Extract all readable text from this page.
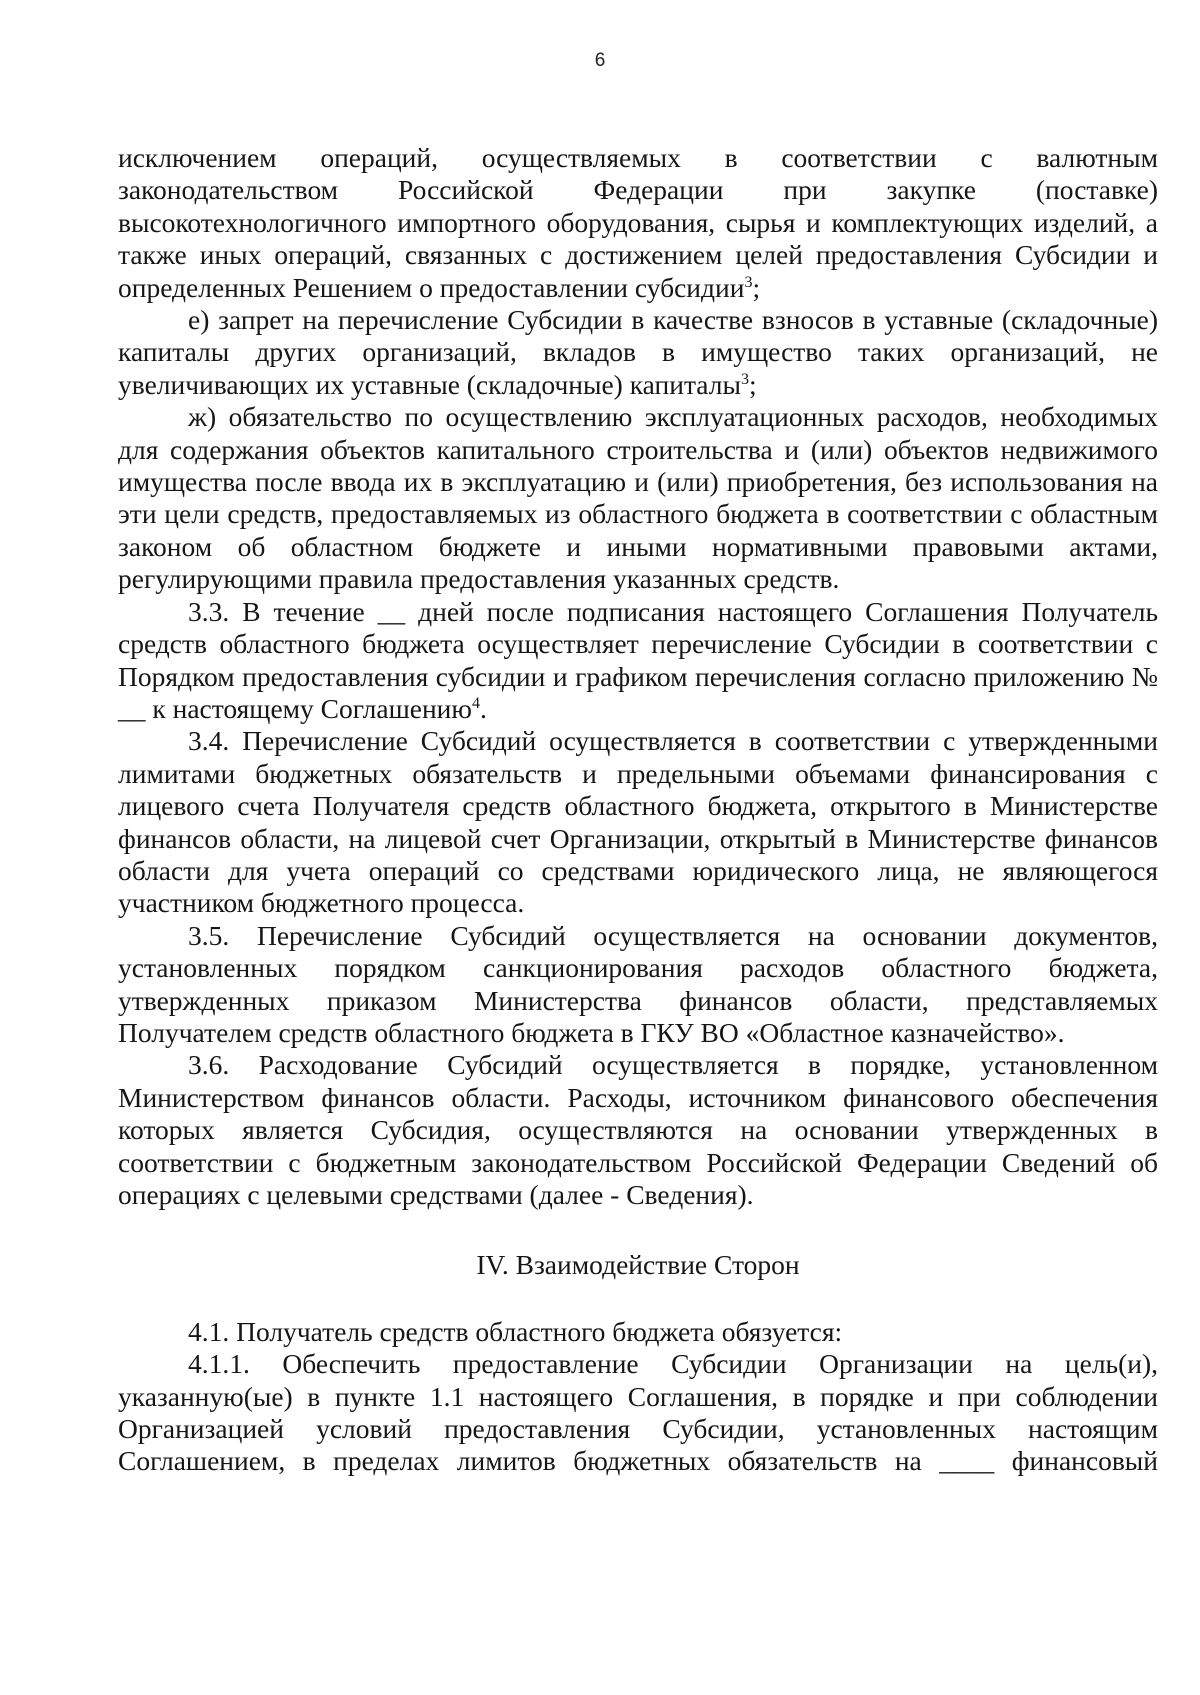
6

исключением операций, осуществляемых в соответствии с валютным законодательством Российской Федерации при закупке (поставке) высокотехнологичного импортного оборудования, сырья и комплектующих изделий, а также иных операций, связанных с достижением целей предоставления Субсидии и определенных Решением о предоставлении субсидии$^3$;

е) запрет на перечисление Субсидии в качестве взносов в уставные (складочные) капиталы других организаций, вкладов в имущество таких организаций, не увеличивающих их уставные (складочные) капиталы$^3$;

ж) обязательство по осуществлению эксплуатационных расходов, необходимых для содержания объектов капитального строительства и (или) объектов недвижимого имущества после ввода их в эксплуатацию и (или) приобретения, без использования на эти цели средств, предоставляемых из областного бюджета в соответствии с областным законом об областном бюджете и иными нормативными правовыми актами, регулирующими правила предоставления указанных средств.

3.3. В течение __ дней после подписания настоящего Соглашения Получатель средств областного бюджета осуществляет перечисление Субсидии в соответствии с Порядком предоставления субсидии и графиком перечисления согласно приложению № __ к настоящему Соглашению$^4$.

3.4. Перечисление Субсидий осуществляется в соответствии с утвержденными лимитами бюджетных обязательств и предельными объемами финансирования с лицевого счета Получателя средств областного бюджета, открытого в Министерстве финансов области, на лицевой счет Организации, открытый в Министерстве финансов области для учета операций со средствами юридического лица, не являющегося участником бюджетного процесса.

3.5. Перечисление Субсидий осуществляется на основании документов, установленных порядком санкционирования расходов областного бюджета, утвержденных приказом Министерства финансов области, представляемых Получателем средств областного бюджета в ГКУ ВО «Областное казначейство».

3.6. Расходование Субсидий осуществляется в порядке, установленном Министерством финансов области. Расходы, источником финансового обеспечения которых является Субсидия, осуществляются на основании утвержденных в соответствии с бюджетным законодательством Российской Федерации Сведений об операциях с целевыми средствами (далее - Сведения).

IV. Взаимодействие Сторон

4.1. Получатель средств областного бюджета обязуется:

4.1.1. Обеспечить предоставление Субсидии Организации на цель(и), указанную(ые) в пункте 1.1 настоящего Соглашения, в порядке и при соблюдении Организацией условий предоставления Субсидии, установленных настоящим Соглашением, в пределах лимитов бюджетных обязательств на ____ финансовый
